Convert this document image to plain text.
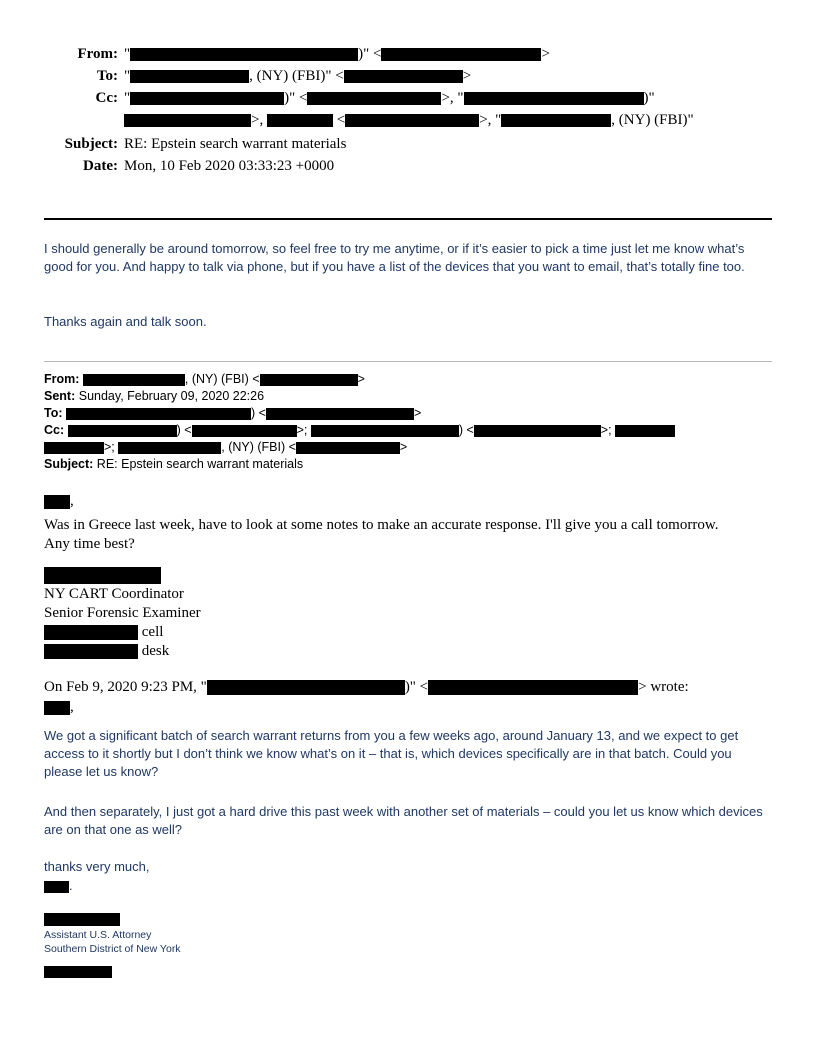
From: "	)" <	>
To: "	, (NY) (FBI)" <	>
Cc: "	)" <	>, "	)"
>,	<	>, "	, (NY) (FBI)"
Subject: RE: Epstein search warrant materials
Date: Mon, 10 Feb 2020 03:33:23 +0000
I should generally be around tomorrow, so feel free to try me anytime, or if it’s easier to pick a time just let me know what’s good for you. And happy to talk via phone, but if you have a list of the devices that you want to email, that’s totally fine too.
Thanks again and talk soon.
From:	, (NY) (FBI) <	>
Sent: Sunday, February 09, 2020 22:26
To:	) <	>
Cc:	) <	>;	) <	>;
>;	, (NY) (FBI) <	>
Subject: RE: Epstein search warrant materials
,
Was in Greece last week, have to look at some notes to make an accurate response. I'll give you a call tomorrow.
Any time best?
NY CART Coordinator
Senior Forensic Examiner
cell
desk
On Feb 9, 2020 9:23 PM, "	)" <	> wrote:
,
We got a significant batch of search warrant returns from you a few weeks ago, around January 13, and we expect to get access to it shortly but I don’t think we know what’s on it – that is, which devices specifically are in that batch. Could you please let us know?
And then separately, I just got a hard drive this past week with another set of materials – could you let us know which devices are on that one as well?
thanks very much,
.
Assistant U.S. Attorney
Southern District of New York
